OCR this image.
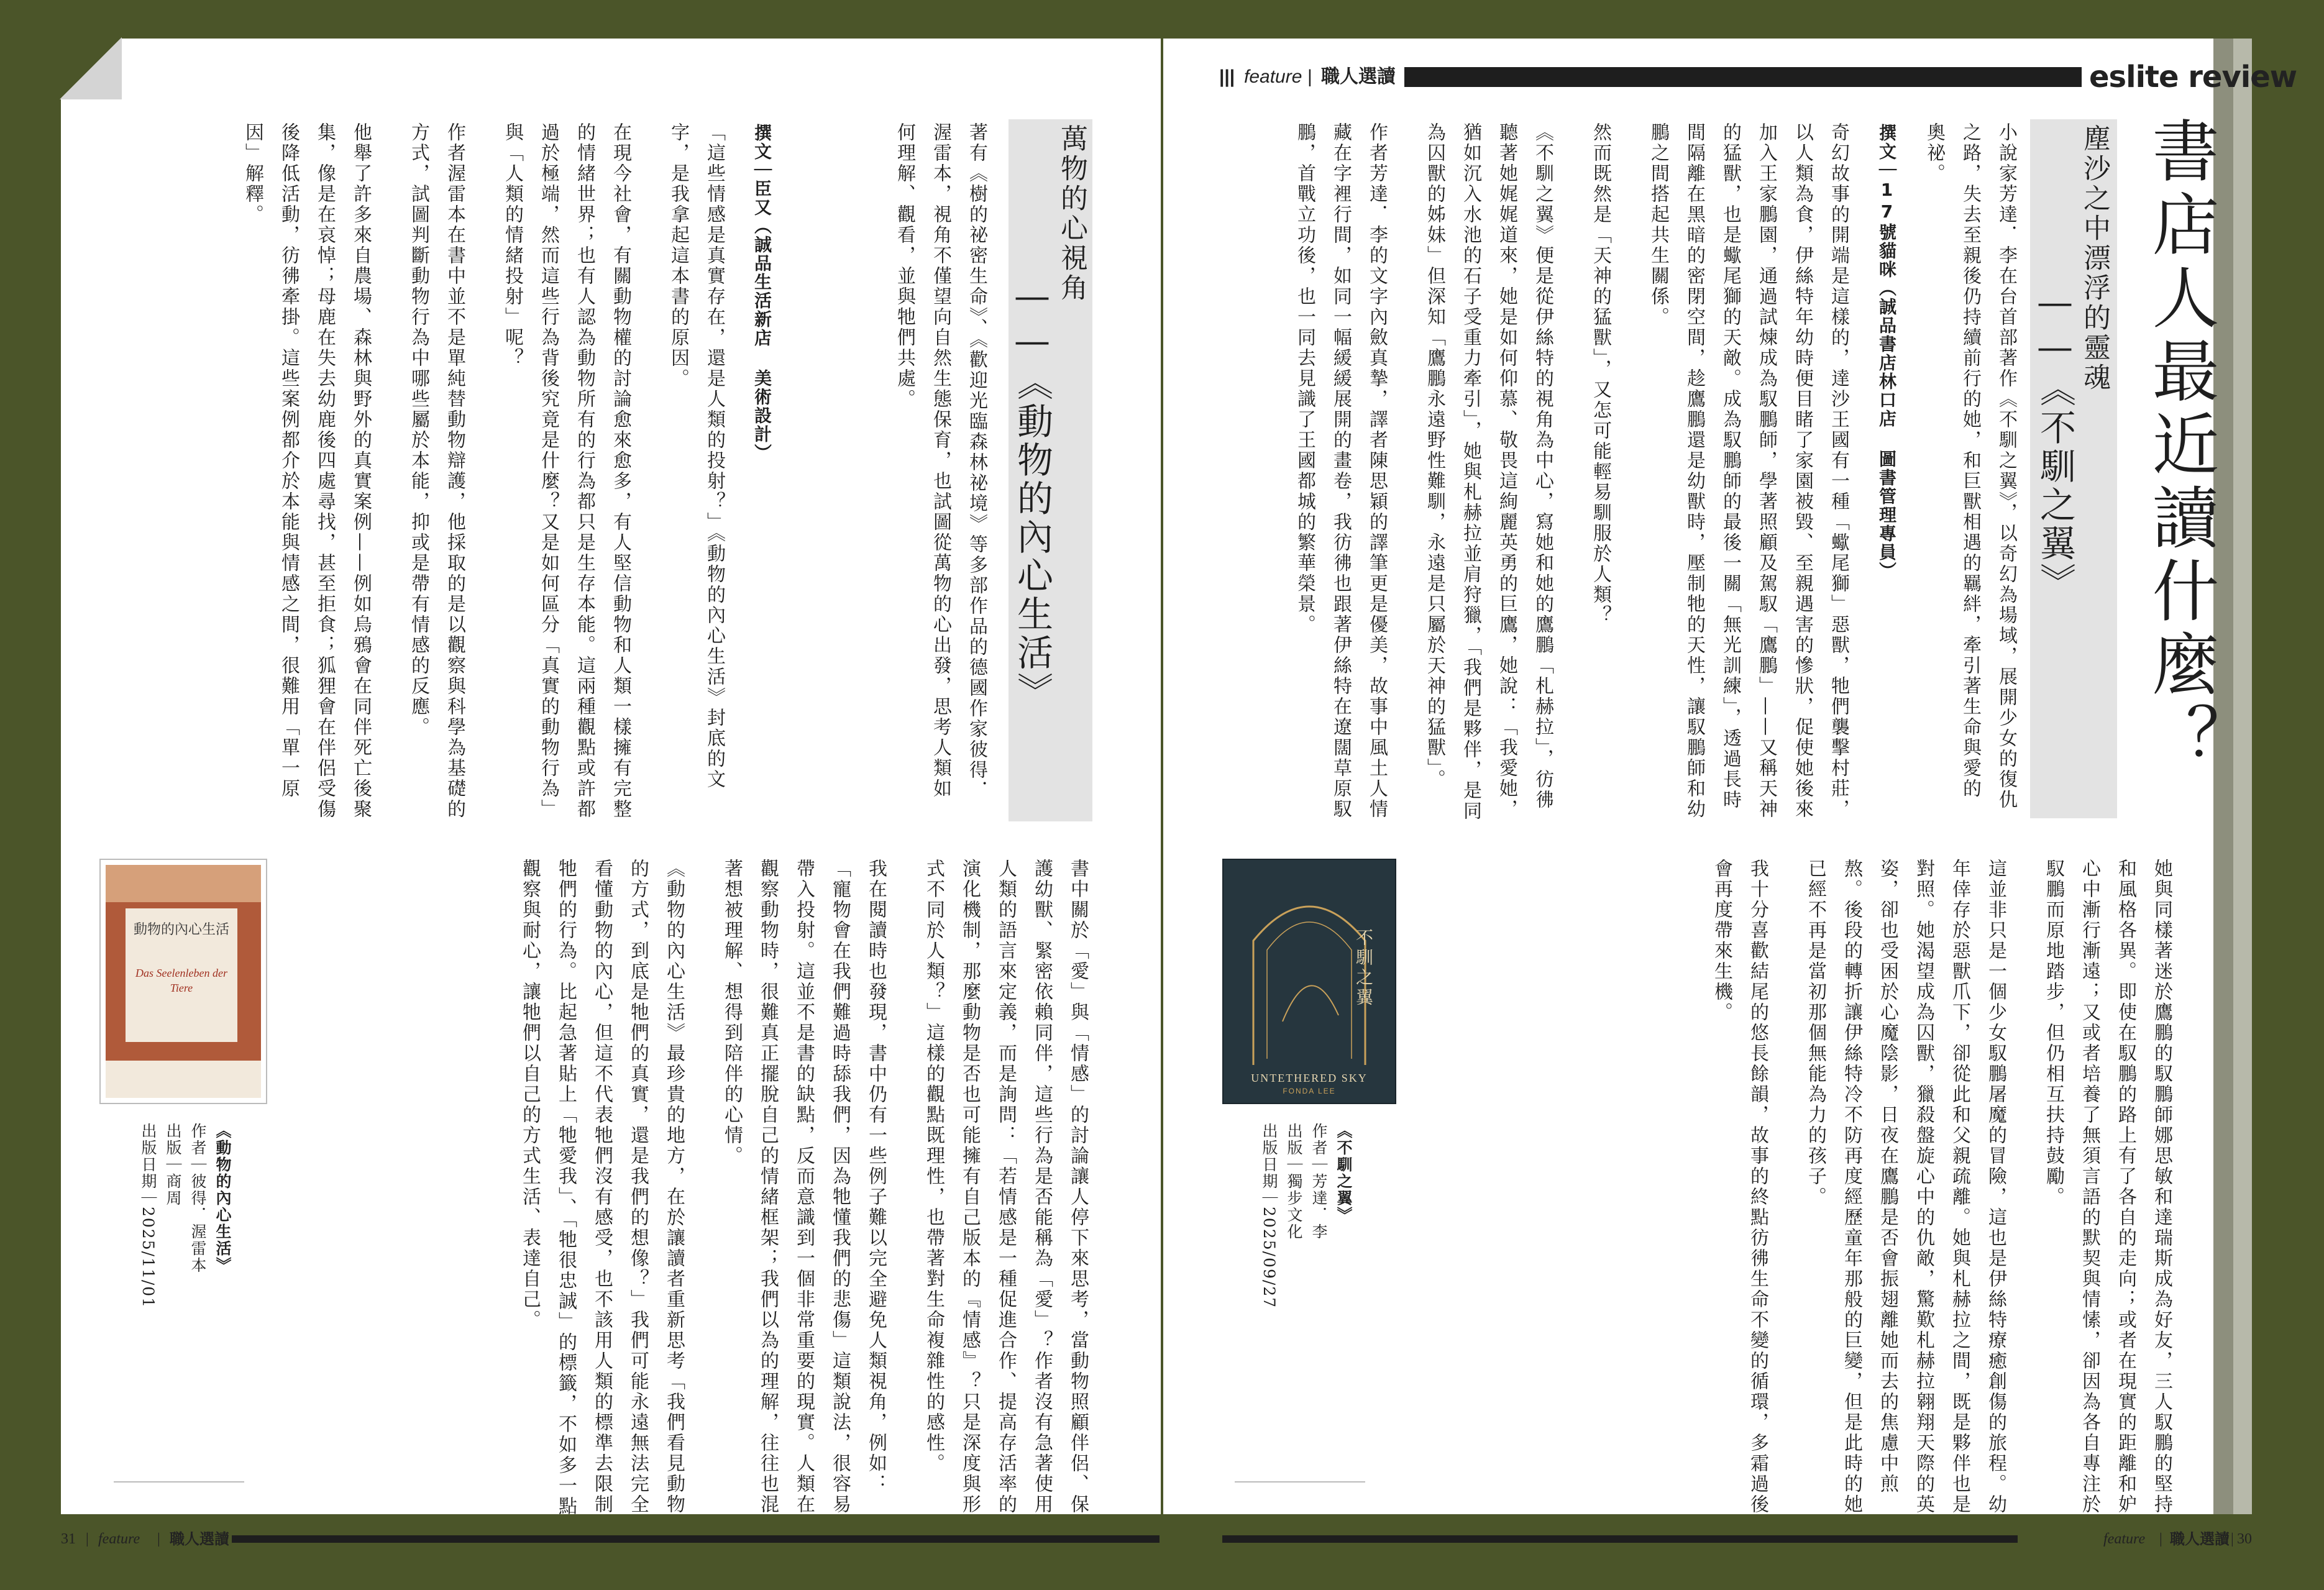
萬物的心視角
——《動物的內心生活》

著有《樹的祕密生命》、《歡迎光臨森林祕境》等多部作品的德國作家彼得．渥雷本，視角不僅望向自然生態保育，也試圖從萬物的心出發，思考人類如何理解、觀看，並與牠們共處。

撰文｜臣又（誠品生活新店 美術設計）

「這些情感是真實存在，還是人類的投射？」《動物的內心生活》封底的文字，是我拿起這本書的原因。

在現今社會，有關動物權的討論愈來愈多，有人堅信動物和人類一樣擁有完整的情緒世界；也有人認為動物所有的行為都只是生存本能。這兩種觀點或許都過於極端，然而這些行為背後究竟是什麼？又是如何區分「真實的動物行為」與「人類的情緒投射」呢？

作者渥雷本在書中並不是單純替動物辯護，他採取的是以觀察與科學為基礎的方式，試圖判斷動物行為中哪些屬於本能，抑或是帶有情感的反應。

他舉了許多來自農場、森林與野外的真實案例——例如烏鴉會在同伴死亡後聚集，像是在哀悼；母鹿在失去幼鹿後四處尋找，甚至拒食；狐狸會在伴侶受傷後降低活動，彷彿牽掛。這些案例都介於本能與情感之間，很難用「單一原因」解釋。

書中關於「愛」與「情感」的討論讓人停下來思考，當動物照顧伴侶、保護幼獸、緊密依賴同伴，這些行為是否能稱為「愛」？作者沒有急著使用人類的語言來定義，而是詢問：「若情感是一種促進合作、提高存活率的演化機制，那麼動物是否也可能擁有自己版本的『情感』？只是深度與形式不同於人類？」這樣的觀點既理性，也帶著對生命複雜性的感性。

我在閱讀時也發現，書中仍有一些例子難以完全避免人類視角，例如：「寵物會在我們難過時舔我們，因為牠懂我們的悲傷」這類說法，很容易帶入投射。這並不是書的缺點，反而意識到一個非常重要的現實。人類在觀察動物時，很難真正擺脫自己的情緒框架；我們以為的理解，往往也混著想被理解、想得到陪伴的心情。

《動物的內心生活》最珍貴的地方，在於讓讀者重新思考「我們看見動物的方式，到底是牠們的真實，還是我們的想像？」我們可能永遠無法完全看懂動物的內心，但這不代表牠們沒有感受，也不該用人類的標準去限制牠們的行為。比起急著貼上「牠愛我」、「牠很忠誠」的標籤，不如多一點觀察與耐心，讓牠們以自己的方式生活、表達自己。

動物的內心生活
Das Seelenleben der Tiere
《動物的內心生活》
作者｜彼得．渥雷本
出版｜商周
出版日期｜2025/11/01
31 | feature | 職人選讀
||| feature | 職人選讀	eslite review
書店人最近讀什麼？
塵沙之中漂浮的靈魂
——《不馴之翼》

小說家芳達．李在台首部著作《不馴之翼》，以奇幻為場域，展開少女的復仇之路，失去至親後仍持續前行的她，和巨獸相遇的羈絆，牽引著生命與愛的奧祕。

撰文｜17號貓咪（誠品書店林口店 圖書管理專員）

奇幻故事的開端是這樣的，達沙王國有一種「蠍尾獅」惡獸，牠們襲擊村莊，以人類為食，伊絲特年幼時便目睹了家園被毀、至親遇害的慘狀，促使她後來加入王家鵬園，通過試煉成為馭鵬師，學著照顧及駕馭「鷹鵬」——又稱天神的猛獸，也是蠍尾獅的天敵。成為馭鵬師的最後一關「無光訓練」，透過長時間隔離在黑暗的密閉空間，趁鷹鵬還是幼獸時，壓制牠的天性，讓馭鵬師和幼鵬之間搭起共生關係。

然而既然是「天神的猛獸」，又怎可能輕易馴服於人類？

《不馴之翼》便是從伊絲特的視角為中心，寫她和她的鷹鵬「札赫拉」，彷彿聽著她娓娓道來，她是如何仰慕、敬畏這絢麗英勇的巨鷹，她說：「我愛她，猶如沉入水池的石子受重力牽引」，她與札赫拉並肩狩獵，「我們是夥伴，是同為囚獸的姊妹」但深知「鷹鵬永遠野性難馴，永遠是只屬於天神的猛獸」。

作者芳達．李的文字內斂真摯，譯者陳思穎的譯筆更是優美，故事中風土人情藏在字裡行間，如同一幅緩緩展開的畫卷，我彷彿也跟著伊絲特在遼闊草原馭鵬，首戰立功後，也一同去見識了王國都城的繁華榮景。

她與同樣著迷於鷹鵬的馭鵬師娜思敏和達瑞斯成為好友，三人馭鵬的堅持和風格各異。即使在馭鵬的路上有了各自的走向；或者在現實的距離和妒心中漸行漸遠；又或者培養了無須言語的默契與情愫，卻因為各自專注於馭鵬而原地踏步，但仍相互扶持鼓勵。

這並非只是一個少女馭鵬屠魔的冒險，這也是伊絲特療癒創傷的旅程。幼年倖存於惡獸爪下，卻從此和父親疏離。她與札赫拉之間，既是夥伴也是對照。她渴望成為囚獸，獵殺盤旋心中的仇敵，驚歎札赫拉翱翔天際的英姿，卻也受困於心魔陰影，日夜在鷹鵬是否會振翅離她而去的焦慮中煎熬。後段的轉折讓伊絲特冷不防再度經歷童年那般的巨變，但是此時的她已經不再是當初那個無能為力的孩子。

我十分喜歡結尾的悠長餘韻，故事的終點彷彿生命不變的循環，多霜過後會再度帶來生機。

不馴之翼
UNTETHERED SKY
FONDA LEE
《不馴之翼》
作者｜芳達．李
出版｜獨步文化
出版日期｜2025/09/27
feature | 職人選讀 | 30
